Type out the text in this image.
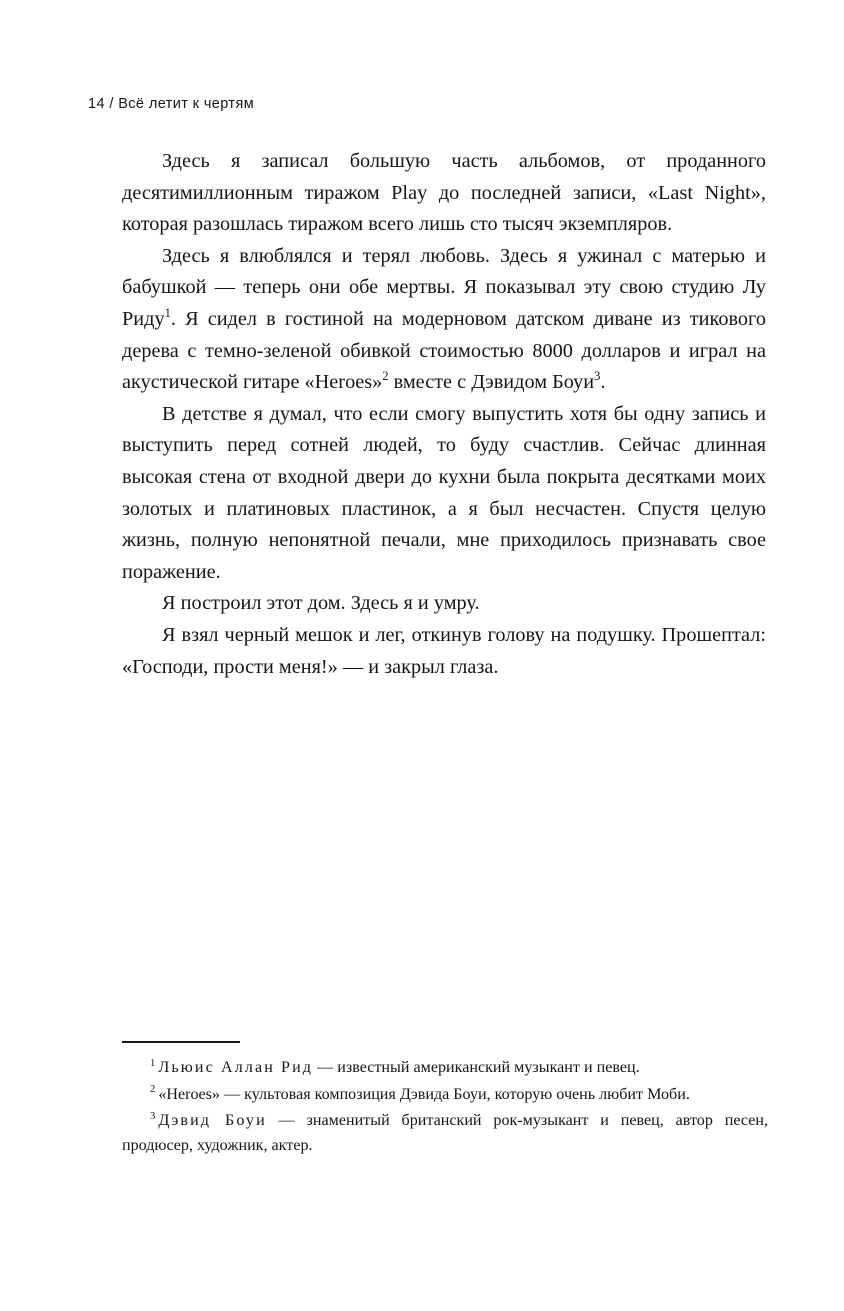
14 / Всё летит к чертям

Здесь я записал большую часть альбомов, от проданного десятимиллионным тиражом Play до последней записи, «Last Night», которая разошлась тиражом всего лишь сто тысяч экземпляров.

Здесь я влюблялся и терял любовь. Здесь я ужинал с матерью и бабушкой — теперь они обе мертвы. Я показывал эту свою студию Лу Риду$^1$. Я сидел в гостиной на модерновом датском диване из тикового дерева с темно-зеленой обивкой стоимостью 8000 долларов и играл на акустической гитаре «Heroes»$^2$ вместе с Дэвидом Боуи$^3$.

В детстве я думал, что если смогу выпустить хотя бы одну запись и выступить перед сотней людей, то буду счастлив. Сейчас длинная высокая стена от входной двери до кухни была покрыта десятками моих золотых и платиновых пластинок, а я был несчастен. Спустя целую жизнь, полную непонятной печали, мне приходилось признавать свое поражение.

Я построил этот дом. Здесь я и умру.

Я взял черный мешок и лег, откинув голову на подушку. Прошептал: «Господи, прости меня!» — и закрыл глаза.

$^1$ Льюис Аллан Рид — известный американский музыкант и певец.

$^2$ «Heroes» — культовая композиция Дэвида Боуи, которую очень любит Моби.

$^3$ Дэвид Боуи — знаменитый британский рок-музыкант и певец, автор песен, продюсер, художник, актер.
